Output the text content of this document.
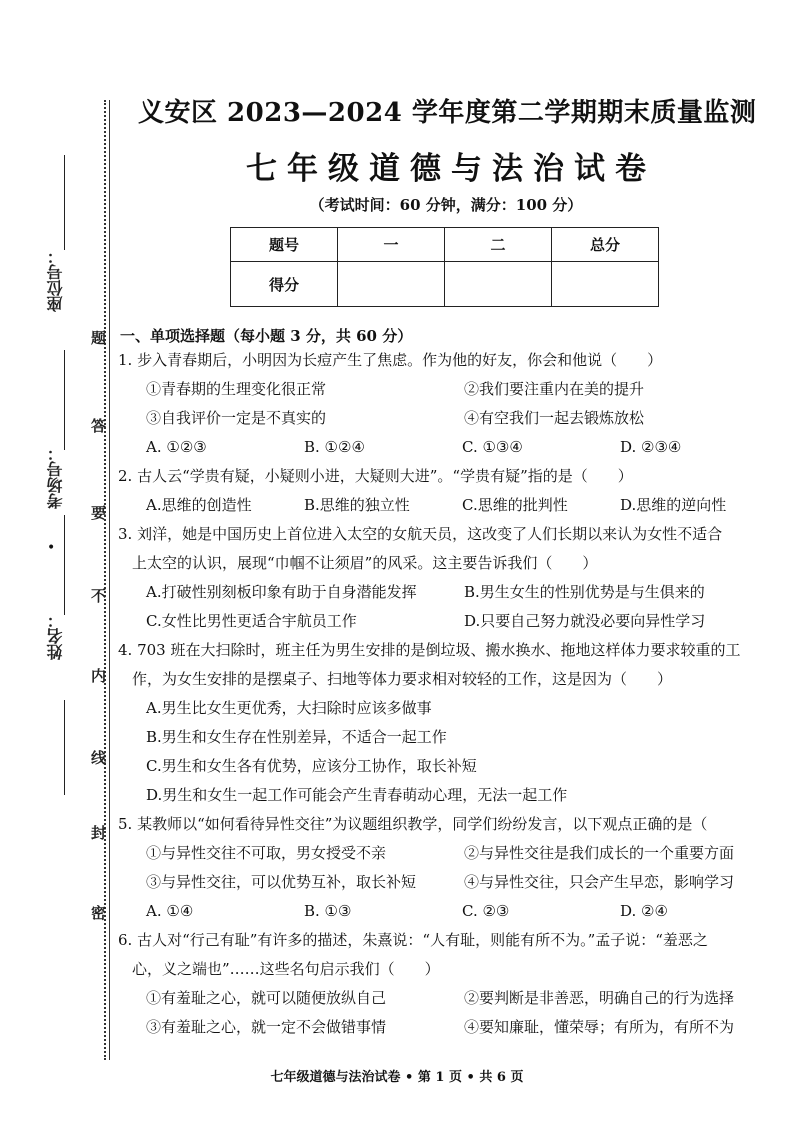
座位号：
考场号：
•
姓名：
密
封
线
内
不
要
答
题
义安区 2023—2024 学年度第二学期期末质量监测
七年级道德与法治试卷
（考试时间：60 分钟，满分：100 分）
题号	一	二	总分
得分			
一、单项选择题（每小题 3 分，共 60 分）

1. 步入青春期后，小明因为长痘产生了焦虑。作为他的好友，你会和他说（　　）

①青春期的生理变化很正常	②我们要注重内在美的提升
③自我评价一定是不真实的	④有空我们一起去锻炼放松
A. ①②③	B. ①②④	C. ①③④	D. ②③④

2. 古人云“学贵有疑，小疑则小进，大疑则大进”。“学贵有疑”指的是（　　）

A.思维的创造性	B.思维的独立性	C.思维的批判性	D.思维的逆向性

3. 刘洋，她是中国历史上首位进入太空的女航天员，这改变了人们长期以来认为女性不适合

上太空的认识，展现“巾帼不让须眉”的风采。这主要告诉我们（　　）

A.打破性别刻板印象有助于自身潜能发挥	B.男生女生的性别优势是与生俱来的
C.女性比男性更适合宇航员工作	D.只要自己努力就没必要向异性学习

4. 703 班在大扫除时，班主任为男生安排的是倒垃圾、搬水换水、拖地这样体力要求较重的工

作，为女生安排的是摆桌子、扫地等体力要求相对较轻的工作，这是因为（　　）

A.男生比女生更优秀，大扫除时应该多做事
B.男生和女生存在性别差异，不适合一起工作
C.男生和女生各有优势，应该分工协作，取长补短
D.男生和女生一起工作可能会产生青春萌动心理，无法一起工作

5. 某教师以“如何看待异性交往”为议题组织教学，同学们纷纷发言，以下观点正确的是（

①与异性交往不可取，男女授受不亲	②与异性交往是我们成长的一个重要方面
③与异性交往，可以优势互补，取长补短	④与异性交往，只会产生早恋，影响学习
A. ①④	B. ①③	C. ②③	D. ②④

6. 古人对“行己有耻”有许多的描述，朱熹说：“人有耻，则能有所不为。”孟子说：“羞恶之

心，义之端也”……这些名句启示我们（　　）

①有羞耻之心，就可以随便放纵自己	②要判断是非善恶，明确自己的行为选择
③有羞耻之心，就一定不会做错事情	④要知廉耻，懂荣辱；有所为，有所不为
七年级道德与法治试卷 • 第 1 页 • 共 6 页
